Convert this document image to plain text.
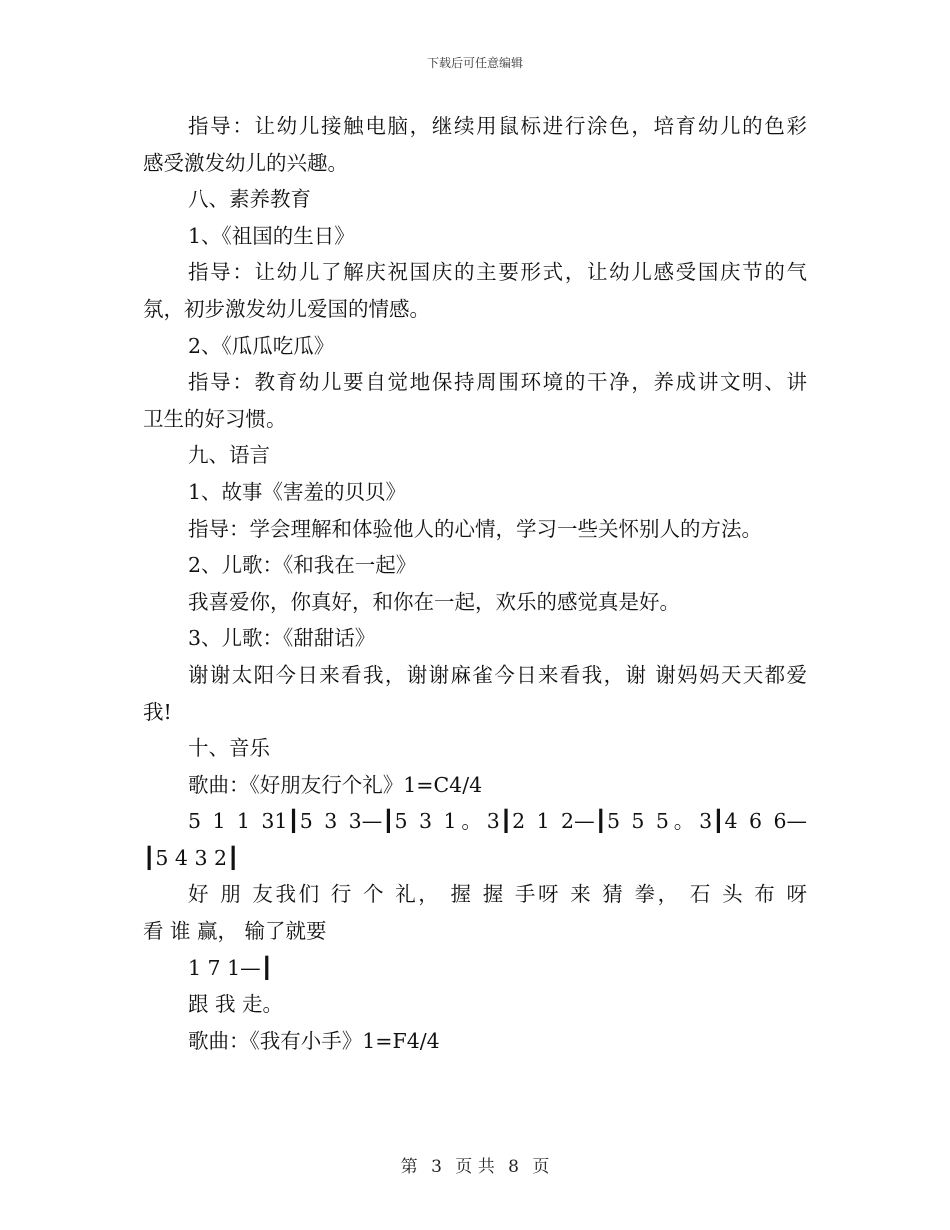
下载后可任意编辑

指导：让幼儿接触电脑，继续用鼠标进行涂色，培育幼儿的色彩

感受激发幼儿的兴趣。

八、素养教育

1、《祖国的生日》

指导：让幼儿了解庆祝国庆的主要形式，让幼儿感受国庆节的气

氛，初步激发幼儿爱国的情感。

2、《瓜瓜吃瓜》

指导：教育幼儿要自觉地保持周围环境的干净，养成讲文明、讲

卫生的好习惯。

九、语言

1、故事《害羞的贝贝》

指导：学会理解和体验他人的心情，学习一些关怀别人的方法。

2、儿歌：《和我在一起》

我喜爱你，你真好，和你在一起，欢乐的感觉真是好。

3、儿歌：《甜甜话》

谢谢太阳今日来看我，谢谢麻雀今日来看我，谢 谢妈妈天天都爱

我!

十、音乐

歌曲：《好朋友行个礼》1=C4/4

5 1 1 31┃5 3 3—┃5 3 1。3┃2 1 2—┃5 5 5。3┃4 6 6—

┃5 4 3 2┃

好 朋 友我们 行 个 礼， 握 握 手呀 来 猜 拳， 石 头 布 呀

看 谁 赢， 输了就要

1 7 1—┃

跟 我 走。

歌曲：《我有小手》1=F4/4

第 3 页 共 8 页
